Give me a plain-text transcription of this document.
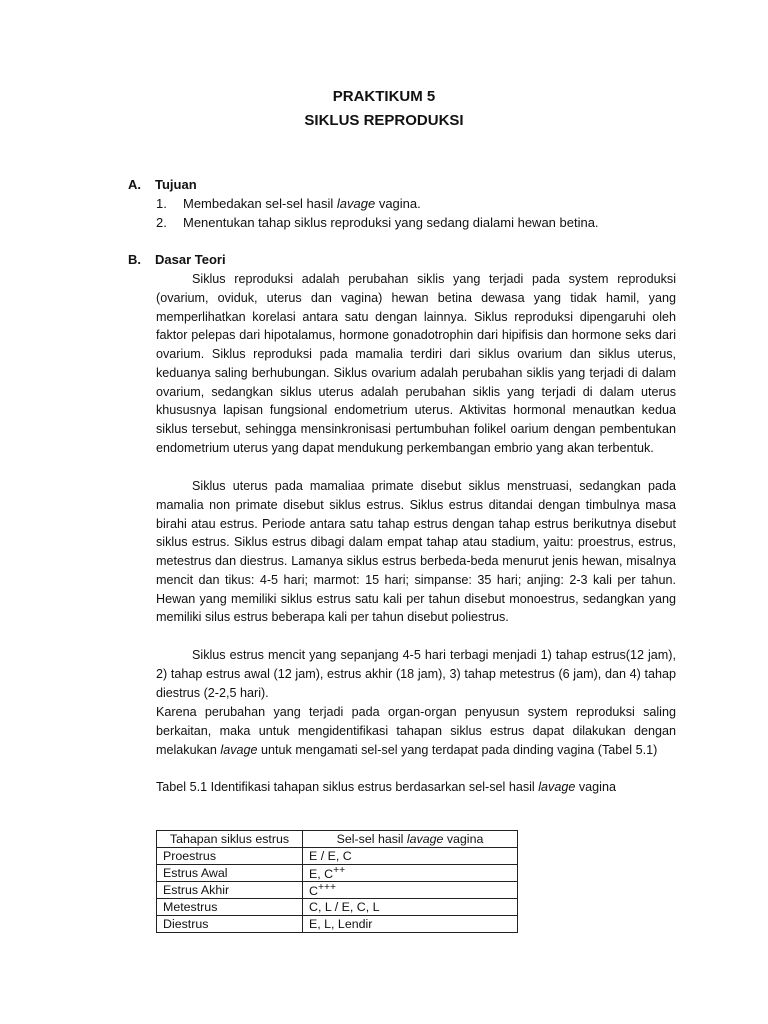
PRAKTIKUM 5
SIKLUS REPRODUKSI
A. Tujuan
1. Membedakan sel-sel hasil lavage vagina.
2. Menentukan tahap siklus reproduksi yang sedang dialami hewan betina.
B. Dasar Teori

Siklus reproduksi adalah perubahan siklis yang terjadi pada system reproduksi (ovarium, oviduk, uterus dan vagina) hewan betina dewasa yang tidak hamil, yang memperlihatkan korelasi antara satu dengan lainnya. Siklus reproduksi dipengaruhi oleh faktor pelepas dari hipotalamus, hormone gonadotrophin dari hipifisis dan hormone seks dari ovarium. Siklus reproduksi pada mamalia terdiri dari siklus ovarium dan siklus uterus, keduanya saling berhubungan. Siklus ovarium adalah perubahan siklis yang terjadi di dalam ovarium, sedangkan siklus uterus adalah perubahan siklis yang terjadi di dalam uterus khususnya lapisan fungsional endometrium uterus. Aktivitas hormonal menautkan kedua siklus tersebut, sehingga mensinkronisasi pertumbuhan folikel oarium dengan pembentukan endometrium uterus yang dapat mendukung perkembangan embrio yang akan terbentuk.

Siklus uterus pada mamaliaa primate disebut siklus menstruasi, sedangkan pada mamalia non primate disebut siklus estrus. Siklus estrus ditandai dengan timbulnya masa birahi atau estrus. Periode antara satu tahap estrus dengan tahap estrus berikutnya disebut siklus estrus. Siklus estrus dibagi dalam empat tahap atau stadium, yaitu: proestrus, estrus, metestrus dan diestrus. Lamanya siklus estrus berbeda-beda menurut jenis hewan, misalnya mencit dan tikus: 4-5 hari; marmot: 15 hari; simpanse: 35 hari; anjing: 2-3 kali per tahun. Hewan yang memiliki siklus estrus satu kali per tahun disebut monoestrus, sedangkan yang memiliki silus estrus beberapa kali per tahun disebut poliestrus.

Siklus estrus mencit yang sepanjang 4-5 hari terbagi menjadi 1) tahap estrus(12 jam), 2) tahap estrus awal (12 jam), estrus akhir (18 jam), 3) tahap metestrus (6 jam), dan 4) tahap diestrus (2-2,5 hari).

Karena perubahan yang terjadi pada organ-organ penyusun system reproduksi saling berkaitan, maka untuk mengidentifikasi tahapan siklus estrus dapat dilakukan dengan melakukan lavage untuk mengamati sel-sel yang terdapat pada dinding vagina (Tabel 5.1)

Tabel 5.1 Identifikasi tahapan siklus estrus berdasarkan sel-sel hasil lavage vagina
Tahapan siklus estrus	Sel-sel hasil lavage vagina
Proestrus	E / E, C
Estrus Awal	E, C++
Estrus Akhir	C+++
Metestrus	C, L / E, C, L
Diestrus	E, L, Lendir
